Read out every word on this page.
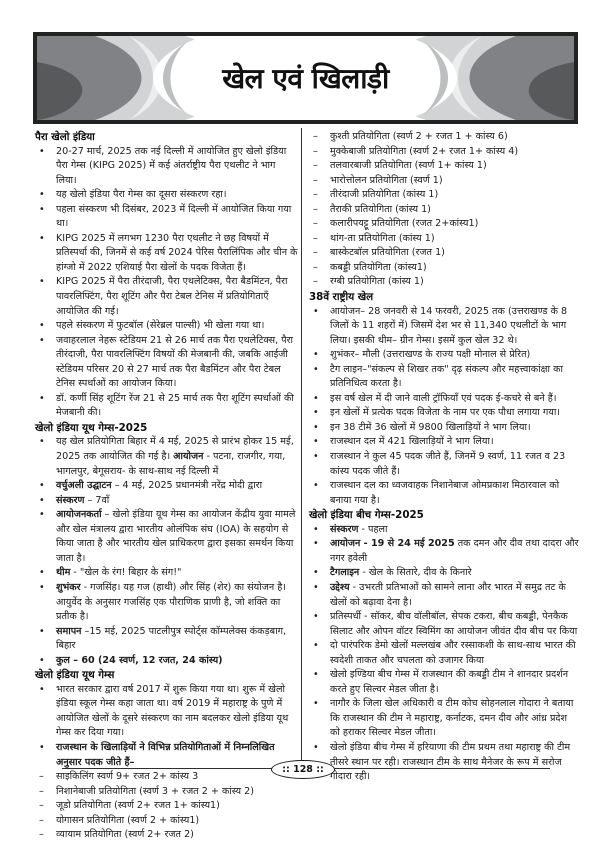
खेल एवं खिलाड़ी
पैरा खेलो इंडिया
•	20-27 मार्च, 2025 तक नई दिल्ली में आयोजित हुए खेलो इंडिया पैरा गेम्स (KIPG 2025) में कई अंतर्राष्ट्रीय पैरा एथलीट ने भाग लिया।
•	यह खेलो इंडिया पैरा गेम्स का दूसरा संस्करण रहा।
•	पहला संस्करण भी दिसंबर, 2023 में दिल्ली में आयोजित किया गया था।
•	KIPG 2025 में लगभग 1230 पैरा एथलीट ने छह विषयों में प्रतिस्पर्धा की, जिनमें से कई वर्ष 2024 पेरिस पैरालिंपिक और चीन के हांग्जो में 2022 एशियाई पैरा खेलों के पदक विजेता हैं।
•	KIPG 2025 में पैरा तीरंदाजी, पैरा एथलेटिक्स, पैरा बैडमिंटन, पैरा पावरलिफ्टिंग, पैरा शूटिंग और पैरा टेबल टेनिस में प्रतियोगिताएँ आयोजित की गई।
•	पहले संस्करण में फुटबॉल (सेरेब्रल पाल्सी) भी खेला गया था।
•	जवाहरलाल नेहरू स्टेडियम 21 से 26 मार्च तक पैरा एथलेटिक्स, पैरा तीरंदाजी, पैरा पावरलिफ्टिंग विषयों की मेजबानी की, जबकि आईजी स्टेडियम परिसर 20 से 27 मार्च तक पैरा बैडमिंटन और पैरा टेबल टेनिस स्पर्धाओं का आयोजन किया।
•	डॉ. कर्णी सिंह शूटिंग रेंज 21 से 25 मार्च तक पैरा शूटिंग स्पर्धाओं की मेजबानी की।
खेलो इंडिया यूथ गेम्स-2025
•	यह खेल प्रतियोगिता बिहार में 4 मई, 2025 से प्रारंभ होकर 15 मई, 2025 तक आयोजित की गई है। आयोजन - पटना, राजगीर, गया, भागलपुर, बेगूसराय- के साथ-साथ नई दिल्ली में
•	वर्चुअली उद्घाटन – 4 मई, 2025 प्रधानमंत्री नरेंद्र मोदी द्वारा
•	संस्करण – 7वाँ
•	आयोजनकर्ता – खेलो इंडिया यूथ गेम्स का आयोजन केंद्रीय युवा मामले और खेल मंत्रालय द्वारा भारतीय ओलंपिक संघ (IOA) के सहयोग से किया जाता है और भारतीय खेल प्राधिकरण द्वारा इसका समर्थन किया जाता है।
•	थीम - "खेल के रंग! बिहार के संग!"
•	शुभंकर - गजसिंह। यह गज (हाथी) और सिंह (शेर) का संयोजन है। आयुर्वेद के अनुसार गजसिंह एक पौराणिक प्राणी है, जो शक्ति का प्रतीक है।
•	समापन –15 मई, 2025 पाटलीपुत्र स्पोर्ट्स कॉम्पलेक्स कंकड़बाग, बिहार
•	कुल – 60 (24 स्वर्ण, 12 रजत, 24 कांस्य)
खेलो इंडिया यूथ गेम्स
•	भारत सरकार द्वारा वर्ष 2017 में शुरू किया गया था। शुरू में खेलो इंडिया स्कूल गेम्स कहा जाता था। वर्ष 2019 में महाराष्ट्र के पुणे में आयोजित खेलों के दूसरे संस्करण का नाम बदलकर खेलो इंडिया यूथ गेम्स कर दिया गया।
•	राजस्थान के खिलाड़ियों ने विभिन्न प्रतियोगिताओं में निम्नलिखित अनुसार पदक जीते हैं–
–	साइकिलिंग स्वर्ण 9+ रजत 2+ कांस्य 3
–	निशानेबाजी प्रतियोगिता (स्वर्ण 3 + रजत 2 + कांस्य 2)
–	जूडो प्रतियोगिता (स्वर्ण 2+ रजत 1+ कांस्य1)
–	योगासन प्रतियोगिता (स्वर्ण 2 + कांस्य1)
–	व्यायाम प्रतियोगिता (स्वर्ण 2+ रजत 2)
–	कुश्ती प्रतियोगिता (स्वर्ण 2 + रजत 1 + कांस्य 6)
–	मुक्केबाजी प्रतियोगिता (स्वर्ण 2+ रजत 1+ कांस्य 4)
–	तलवारबाजी प्रतियोगिता (स्वर्ण 1+ कांस्य 1)
–	भारोत्तोलन प्रतियोगिता (स्वर्ण 1)
–	तीरंदाजी प्रतियोगिता (कांस्य 1)
–	तैराकी प्रतियोगिता (कांस्य 1)
–	कलारीपयट्टू प्रतियोगिता (रजत 2+कांस्य1)
–	थांग-ता प्रतियोगिता (कांस्य 1)
–	बास्केटबॉल प्रतियोगिता (रजत 1)
–	कबड्डी प्रतियोगिता (कांस्य1)
–	रग्बी प्रतियोगिता (कांस्य 1)
38वें राष्ट्रीय खेल
•	आयोजन– 28 जनवरी से 14 फरवरी, 2025 तक (उत्तराखण्ड के 8 जिलों के 11 शहरों में) जिसमें देश भर से 11,340 एथलीटों के भाग लिया। इसकी थीम– ग्रीन गेम्स। इसमें कुल खेल 32 थे।
•	शुभंकर– मौली (उत्तराखण्ड के राज्य पक्षी मोनाल से प्रेरित)
•	टैग लाइन–"संकल्प से शिखर तक" दृढ़ संकल्प और महत्त्वाकांक्षा का प्रतिनिधित्व करता है।
•	इस वर्ष खेल में दी जाने वाली ट्रॉफियाँ एवं पदक ई-कचरे से बने हैं।
•	इन खेलों में प्रत्येक पदक विजेता के नाम पर एक पौधा लगाया गया।
•	इन 38 टीमें 36 खेलों में 9800 खिलाड़ियों ने भाग लिया।
•	राजस्थान दल में 421 खिलाड़ियों ने भाग लिया।
•	राजस्थान ने कुल 45 पदक जीते हैं, जिनमें 9 स्वर्ण, 11 रजत व 23 कांस्य पदक जीते हैं।
•	राजस्थान दल का ध्वजवाहक निशानेबाज ओमप्रकाश मिठारवाल को बनाया गया है।
खेलो इंडिया बीच गेम्स-2025
•	संस्करण - पहला
•	आयोजन - 19 से 24 मई 2025 तक दमन और दीव तथा दादरा और नगर हवेली
•	टैगलाइन - खेल के सितारे, दीव के किनारे
•	उद्देश्य - उभरती प्रतिभाओं को सामने लाना और भारत में समुद्र तट के खेलों को बढ़ावा देना है।
•	प्रतिस्पर्धी - सॉकर, बीच वॉलीबॉल, सेपक टकरा, बीच कबड्डी, पेनकैक सिलाट और ओपन वॉटर स्विमिंग का आयोजन जीवंत दीव बीच पर किया
•	दो पारंपरिक डेमो खेलों मल्लखंब और रस्साकशी के साथ-साथ भारत की स्वदेशी ताकत और चपलता को उजागर किया
•	खेलो इण्डिया बीच गेम्स में राजस्थान की कबड्डी टीम ने शानदार प्रदर्शन करते हुए सिल्वर मेडल जीता है।
•	नागौर के जिला खेल अधिकारी व टीम कोच सोहनलाल गोदारा ने बताया कि राजस्थान की टीम ने महाराष्ट्र, कर्नाटक, दमन दीव और आंध्र प्रदेश को हराकर सिल्वर मेडल जीता।
•	खेलो इंडिया बीच गेम्स में हरियाणा की टीम प्रथम तथा महाराष्ट्र की टीम तीसरे स्थान पर रही। राजस्थान टीम के साथ मैनेजर के रूप में सरोज गोदारा रही।
:: 128 ::
